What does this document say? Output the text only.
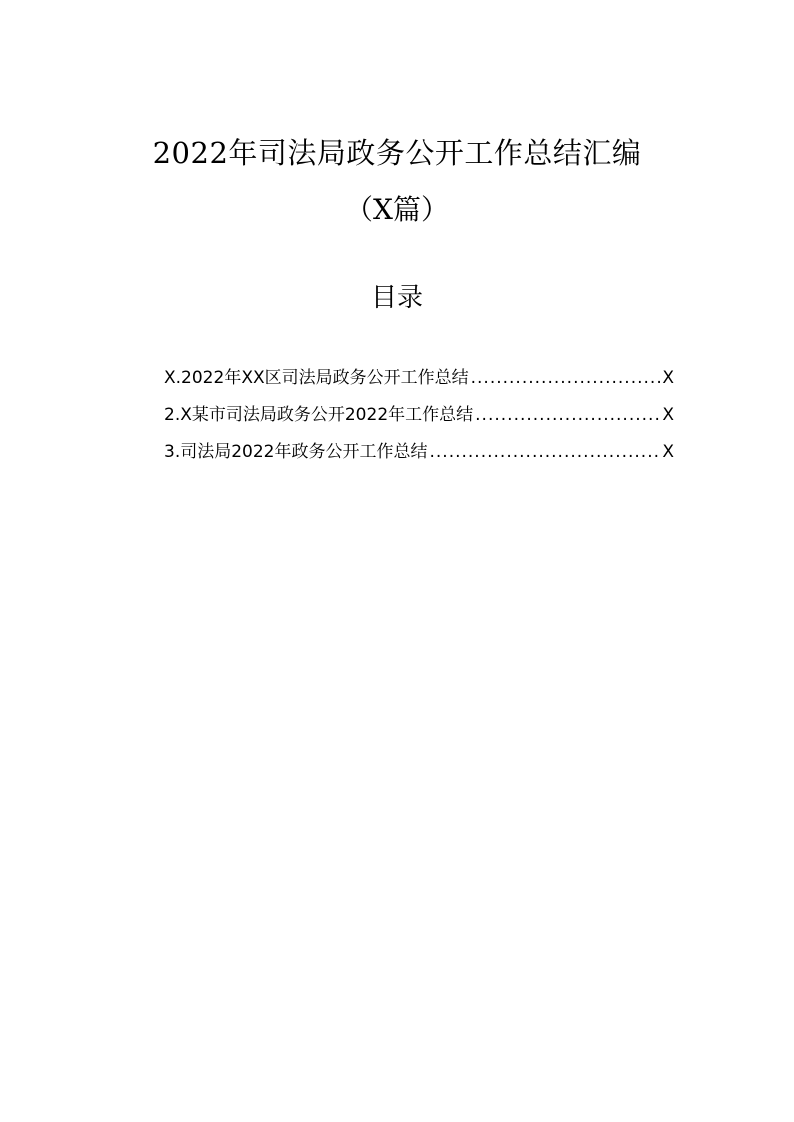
2022年司法局政务公开工作总结汇编
（X篇）
目录
X.2022年XX区司法局政务公开工作总结 .....	X
2.X某市司法局政务公开2022年工作总结 .....	X
3.司法局2022年政务公开工作总结 .....	X
